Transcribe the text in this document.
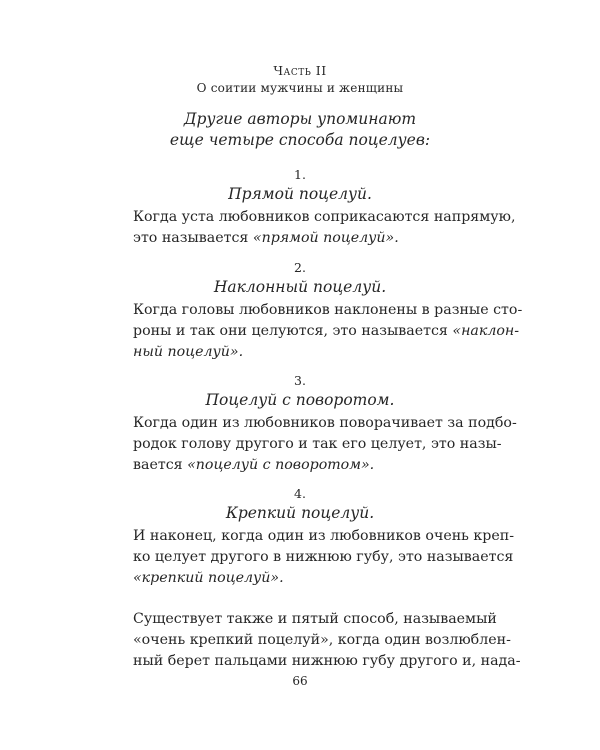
Часть II
О соитии мужчины и женщины
Другие авторы упоминают
еще четыре способа поцелуев:
1.
Прямой поцелуй.
Когда уста любовников соприкасаются напрямую,
это называется «прямой поцелуй».
2.
Наклонный поцелуй.
Когда головы любовников наклонены в разные сто-
роны и так они целуются, это называется «наклон-
ный поцелуй».
3.
Поцелуй с поворотом.
Когда один из любовников поворачивает за подбо-
родок голову другого и так его целует, это назы-
вается «поцелуй с поворотом».
4.
Крепкий поцелуй.
И наконец, когда один из любовников очень креп-
ко целует другого в нижнюю губу, это называется
«крепкий поцелуй».
Существует также и пятый способ, называемый
«очень крепкий поцелуй», когда один возлюблен-
ный берет пальцами нижнюю губу другого и, нада-
66
